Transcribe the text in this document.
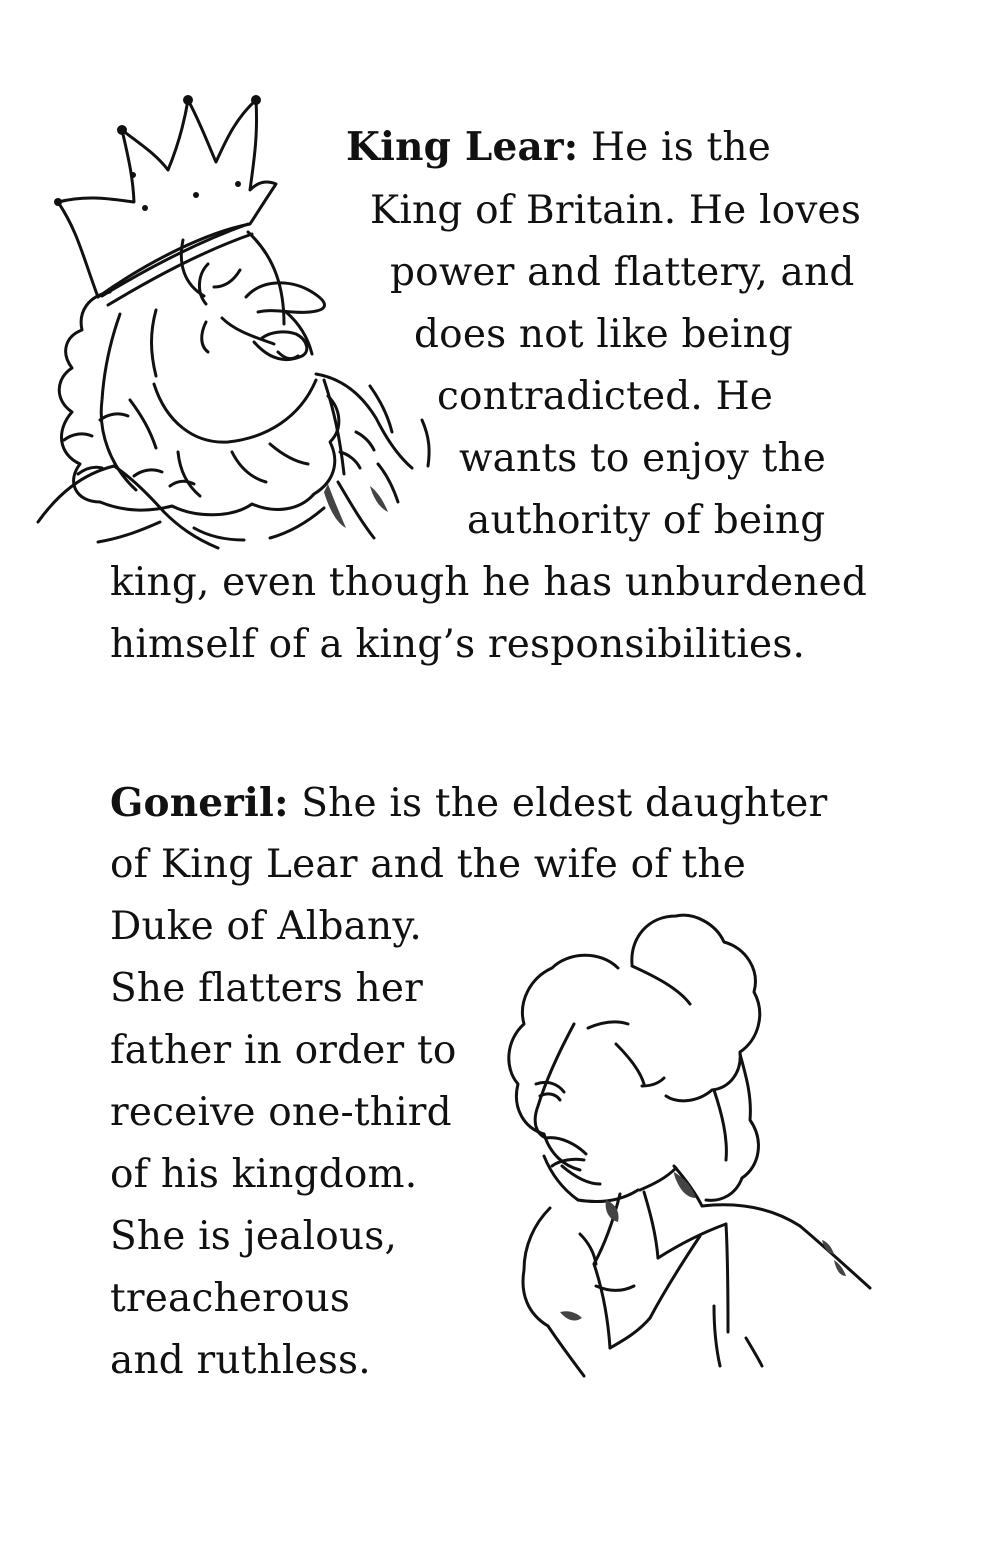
King Lear: He is the
King of Britain. He loves
power and flattery, and
does not like being
contradicted. He
wants to enjoy the
authority of being
king, even though he has unburdened
himself of a king’s responsibilities.
Goneril: She is the eldest daughter
of King Lear and the wife of the
Duke of Albany.
She flatters her
father in order to
receive one-third
of his kingdom.
She is jealous,
treacherous
and ruthless.
